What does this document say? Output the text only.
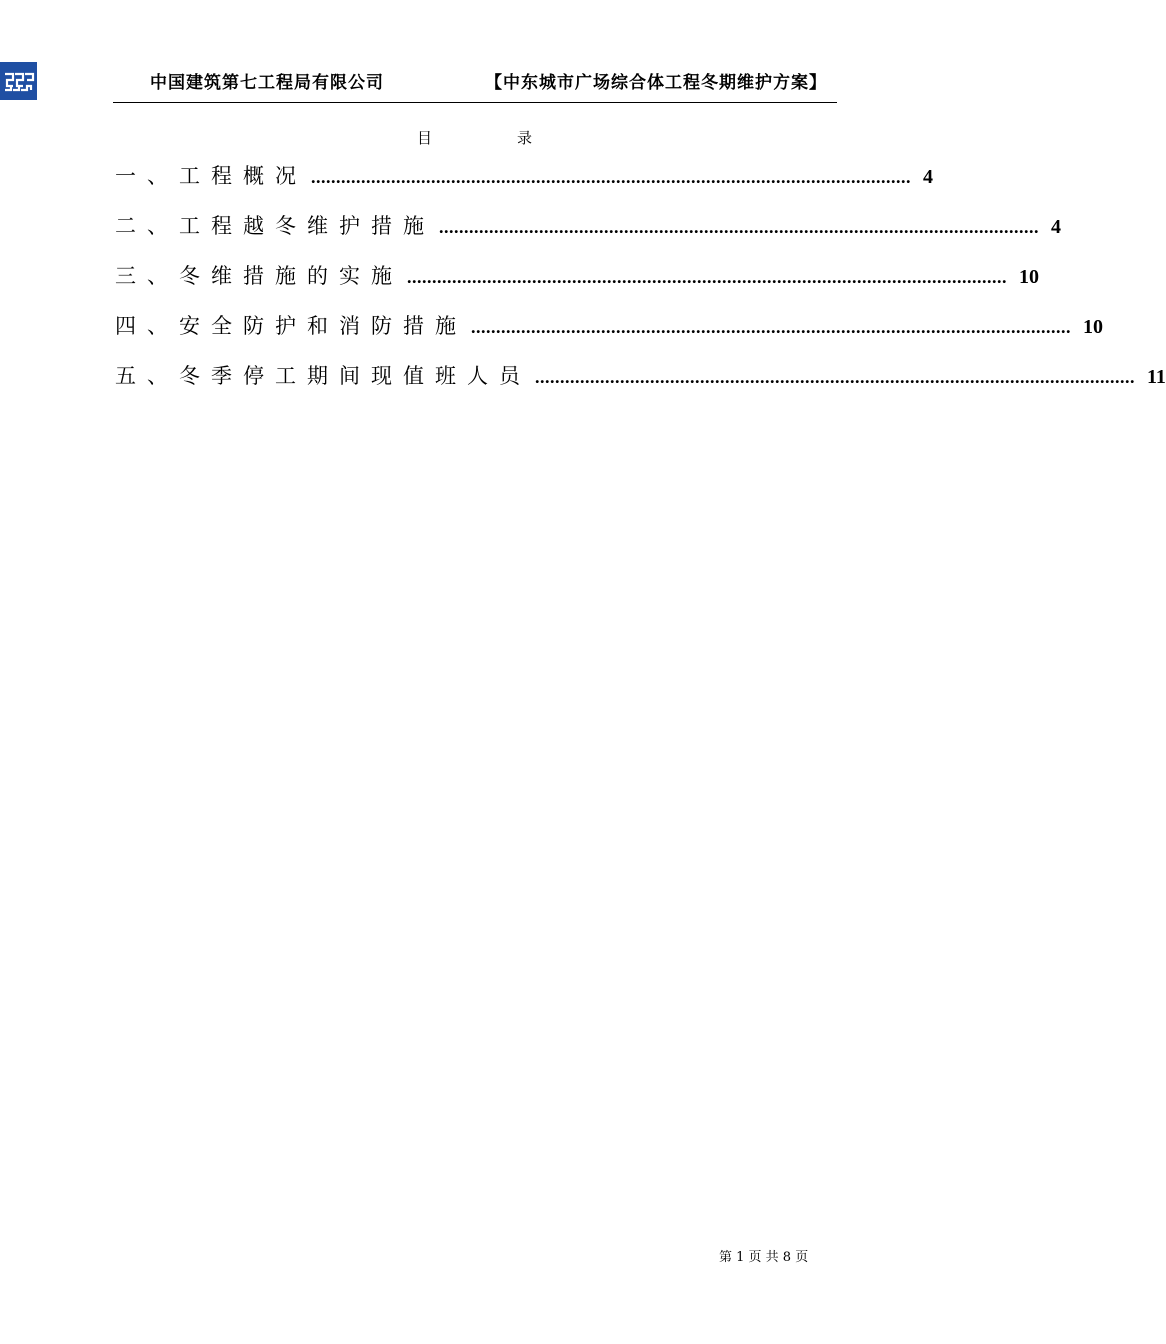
中国建筑第七工程局有限公司	【中东城市广场综合体工程冬期维护方案】
目	录
一、工程概况 ........................................................................................................................ 4
二、工程越冬维护措施 ........................................................................................................................ 4
三、冬维措施的实施 ........................................................................................................................ 10
四、安全防护和消防措施 ........................................................................................................................ 10
五、冬季停工期间现值班人员 ........................................................................................................................ 11
第 1 页 共 8 页
